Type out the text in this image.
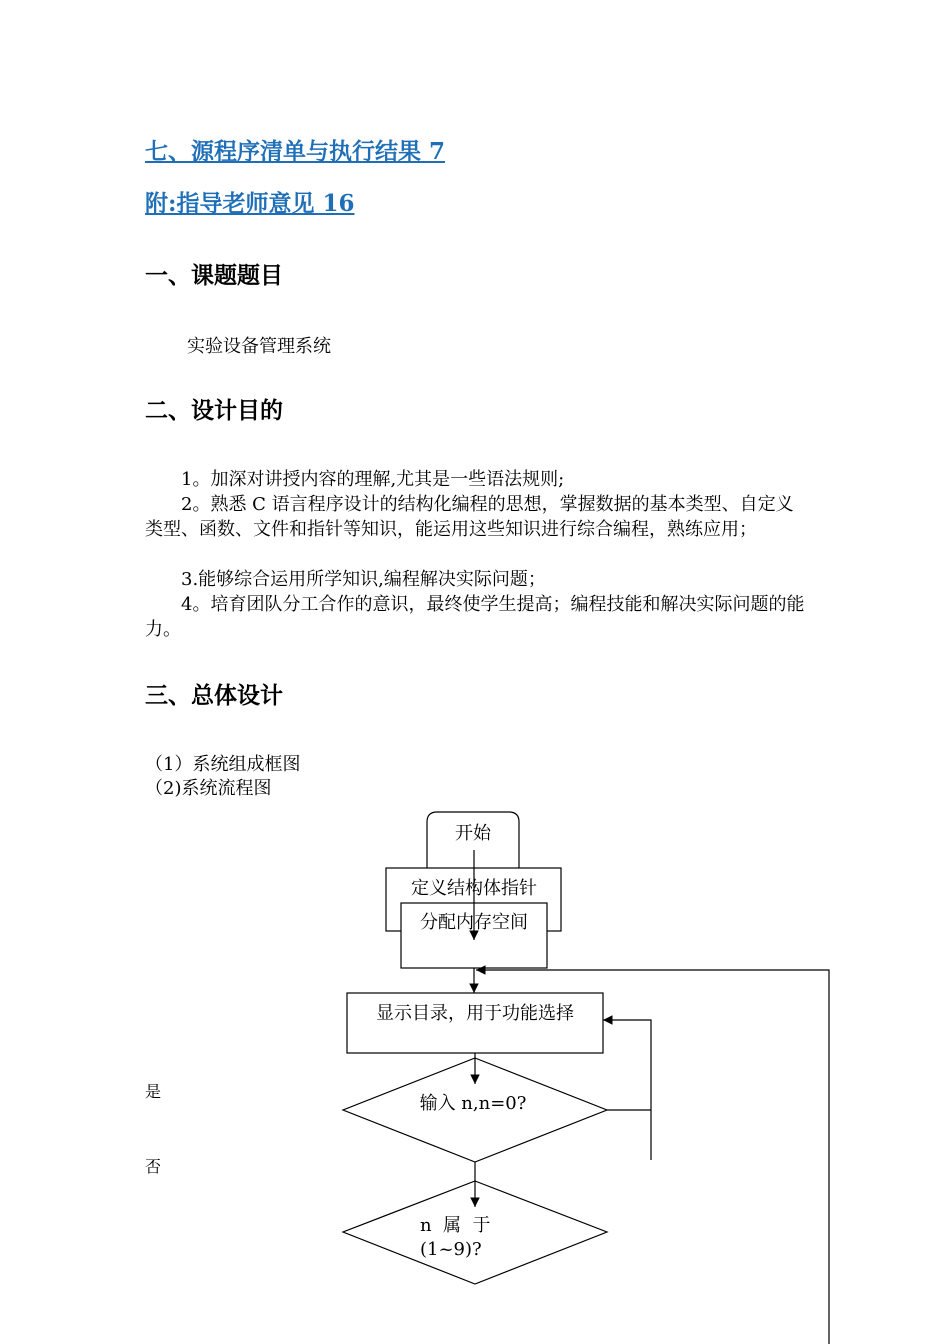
七、源程序清单与执行结果 7

附:指导老师意见 16

一、课题题目

实验设备管理系统

二、设计目的

1。加深对讲授内容的理解,尤其是一些语法规则;

2。熟悉 C 语言程序设计的结构化编程的思想，掌握数据的基本类型、自定义类型、函数、文件和指针等知识，能运用这些知识进行综合编程，熟练应用；

3.能够综合运用所学知识,编程解决实际问题；

4。培育团队分工合作的意识，最终使学生提高；编程技能和解决实际问题的能力。

三、总体设计

（1）系统组成框图

（2)系统流程图

是

否

开始
定义结构体指针
分配内存空间
显示目录，用于功能选择
输入 n,n=0?
n  属  于
(1~9)?
